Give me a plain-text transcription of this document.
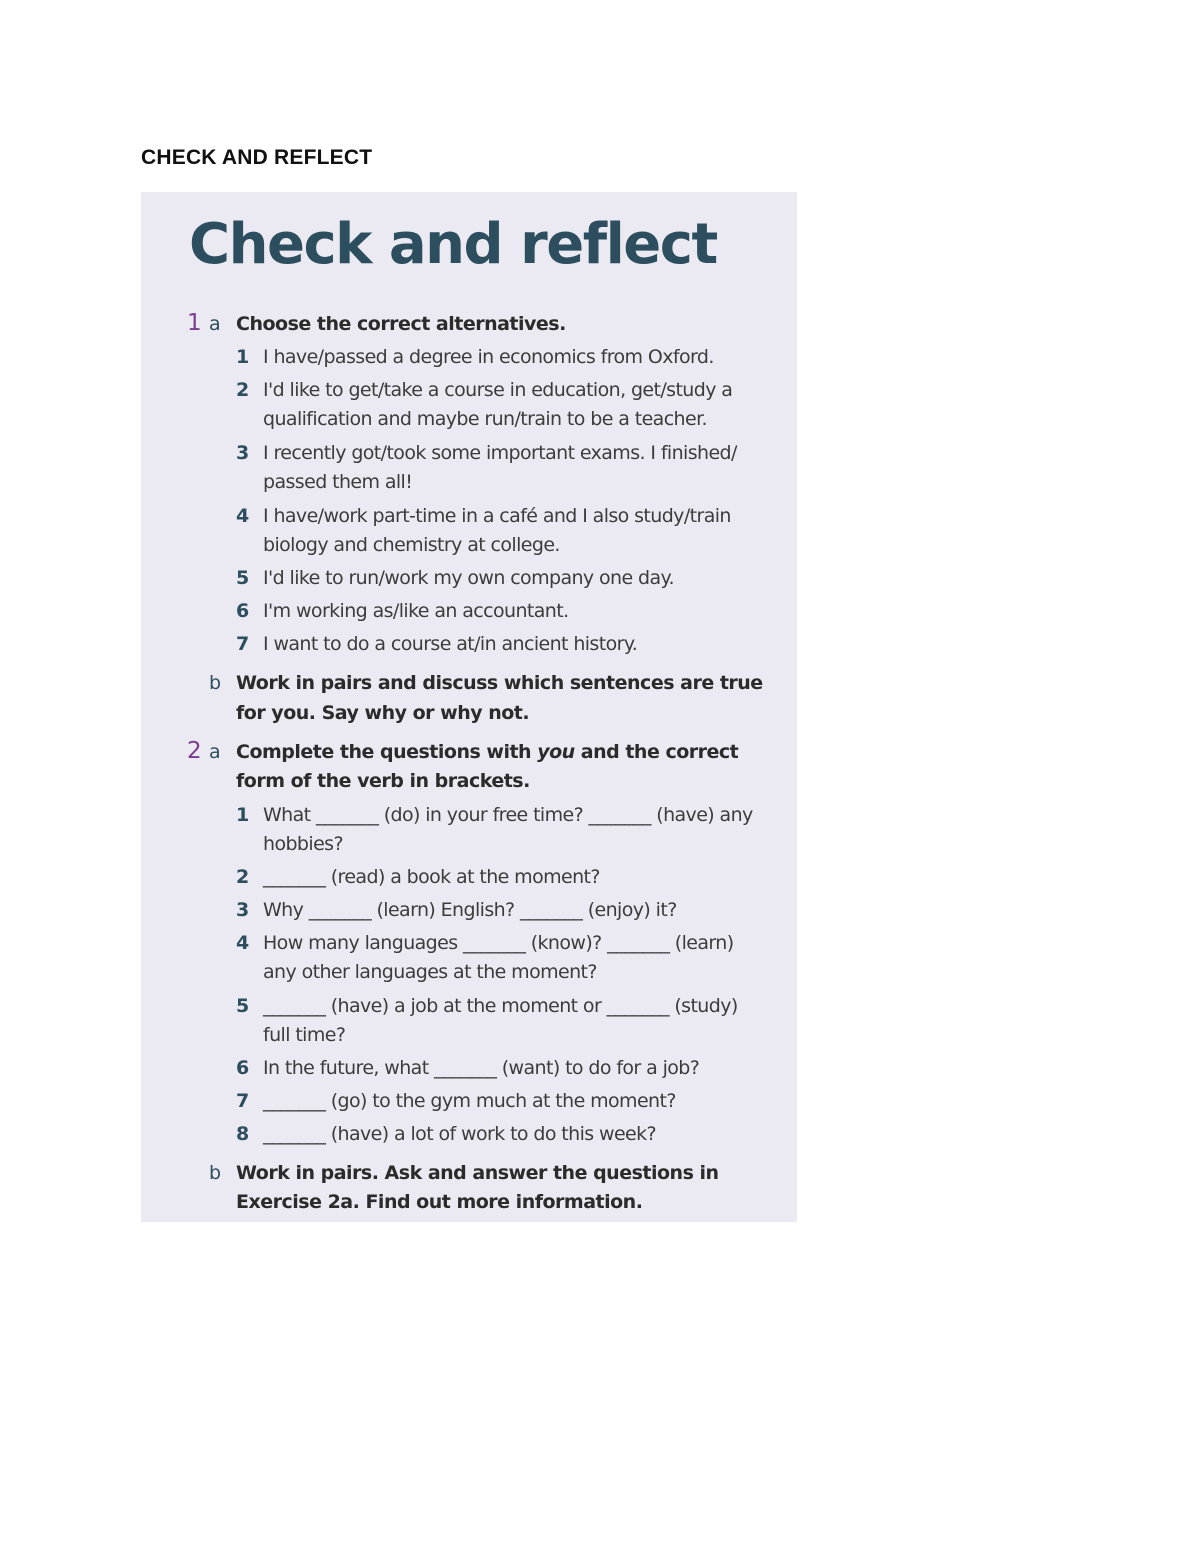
CHECK AND REFLECT
Check and reflect
1 a Choose the correct alternatives.
1 I have/passed a degree in economics from Oxford.
2 I'd like to get/take a course in education, get/study a
qualification and maybe run/train to be a teacher.
3 I recently got/took some important exams. I finished/
passed them all!
4 I have/work part-time in a café and I also study/train
biology and chemistry at college.
5 I'd like to run/work my own company one day.
6 I'm working as/like an accountant.
7 I want to do a course at/in ancient history.
b Work in pairs and discuss which sentences are true
for you. Say why or why not.
2 a Complete the questions with you and the correct
form of the verb in brackets.
1 What _______ (do) in your free time? _______ (have) any
hobbies?
2 _______ (read) a book at the moment?
3 Why _______ (learn) English? _______ (enjoy) it?
4 How many languages _______ (know)? _______ (learn)
any other languages at the moment?
5 _______ (have) a job at the moment or _______ (study)
full time?
6 In the future, what _______ (want) to do for a job?
7 _______ (go) to the gym much at the moment?
8 _______ (have) a lot of work to do this week?
b Work in pairs. Ask and answer the questions in
Exercise 2a. Find out more information.
